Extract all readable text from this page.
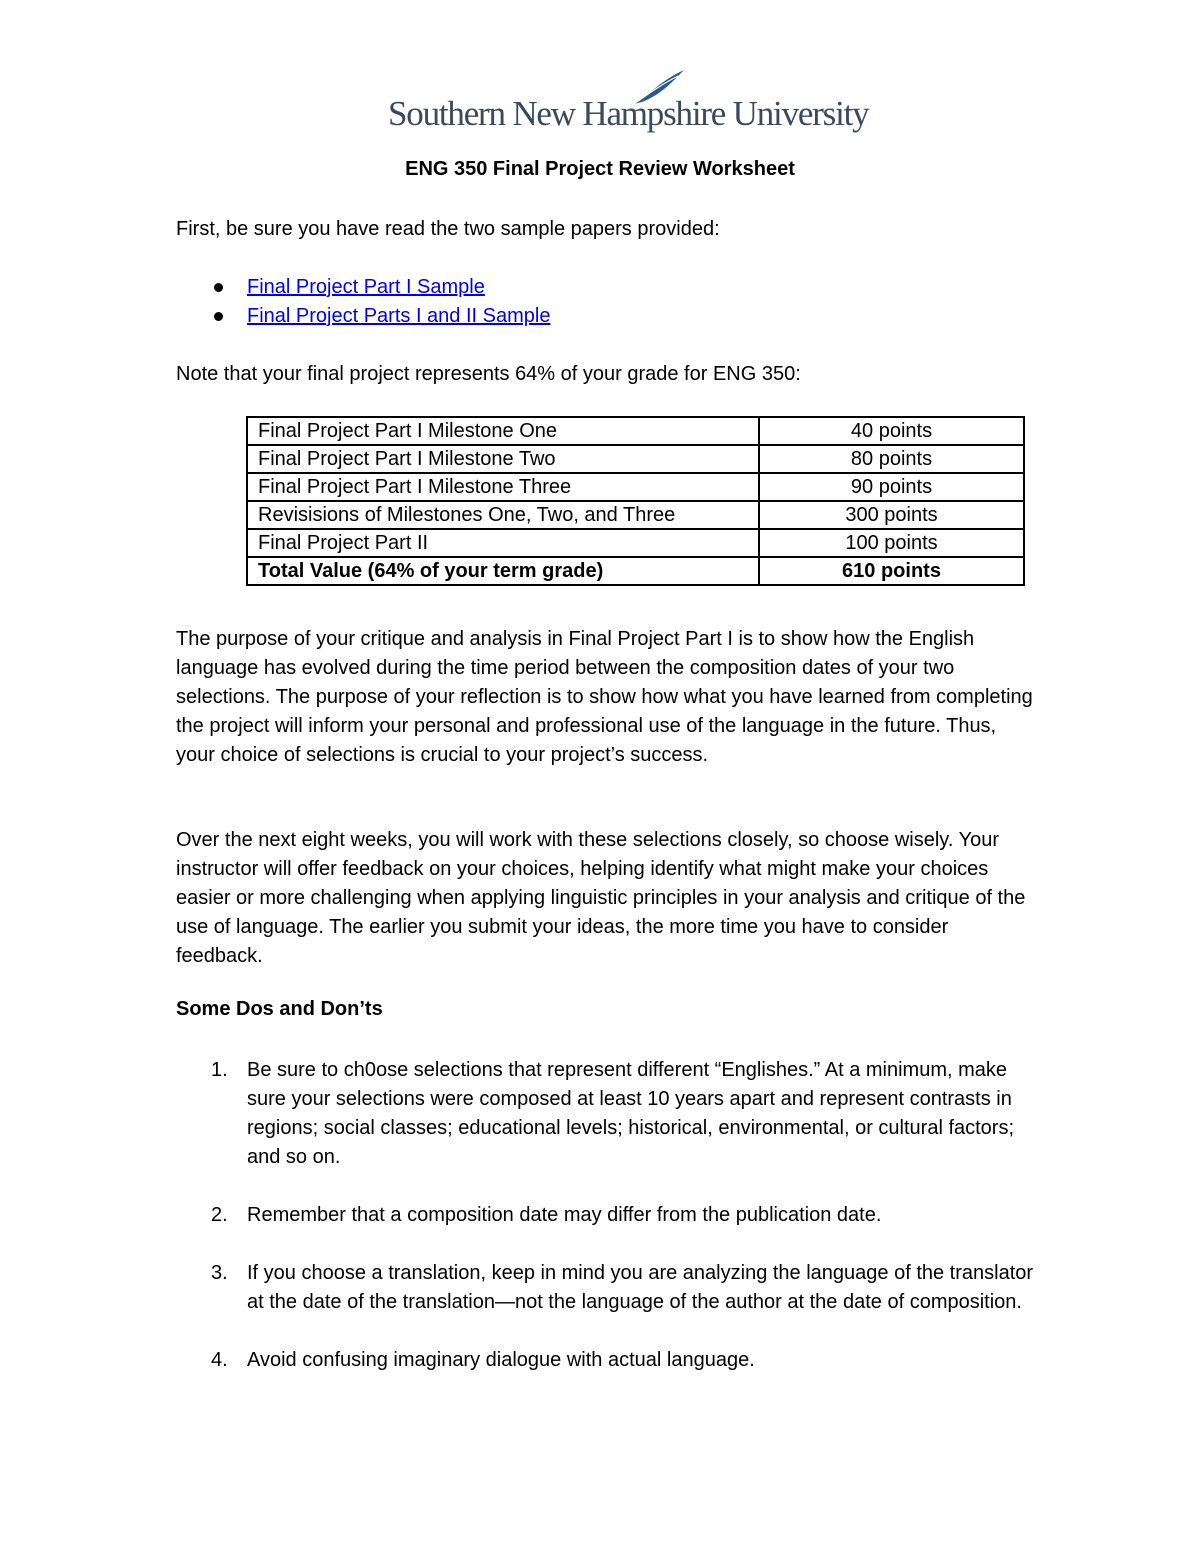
Southern New Hampshire University
ENG 350 Final Project Review Worksheet
First, be sure you have read the two sample papers provided:
Final Project Part I Sample
Final Project Parts I and II Sample
Note that your final project represents 64% of your grade for ENG 350:
Final Project Part I Milestone One	40 points
Final Project Part I Milestone Two	80 points
Final Project Part I Milestone Three	90 points
Revisisions of Milestones One, Two, and Three	300 points
Final Project Part II	100 points
Total Value (64% of your term grade)	610 points
The purpose of your critique and analysis in Final Project Part I is to show how the English language has evolved during the time period between the composition dates of your two selections. The purpose of your reflection is to show how what you have learned from completing the project will inform your personal and professional use of the language in the future. Thus, your choice of selections is crucial to your project’s success.
Over the next eight weeks, you will work with these selections closely, so choose wisely. Your instructor will offer feedback on your choices, helping identify what might make your choices easier or more challenging when applying linguistic principles in your analysis and critique of the use of language. The earlier you submit your ideas, the more time you have to consider feedback.
Some Dos and Don’ts
1. Be sure to ch0ose selections that represent different “Englishes.” At a minimum, make sure your selections were composed at least 10 years apart and represent contrasts in regions; social classes; educational levels; historical, environmental, or cultural factors; and so on.
2. Remember that a composition date may differ from the publication date.
3. If you choose a translation, keep in mind you are analyzing the language of the translator at the date of the translation—not the language of the author at the date of composition.
4. Avoid confusing imaginary dialogue with actual language.
